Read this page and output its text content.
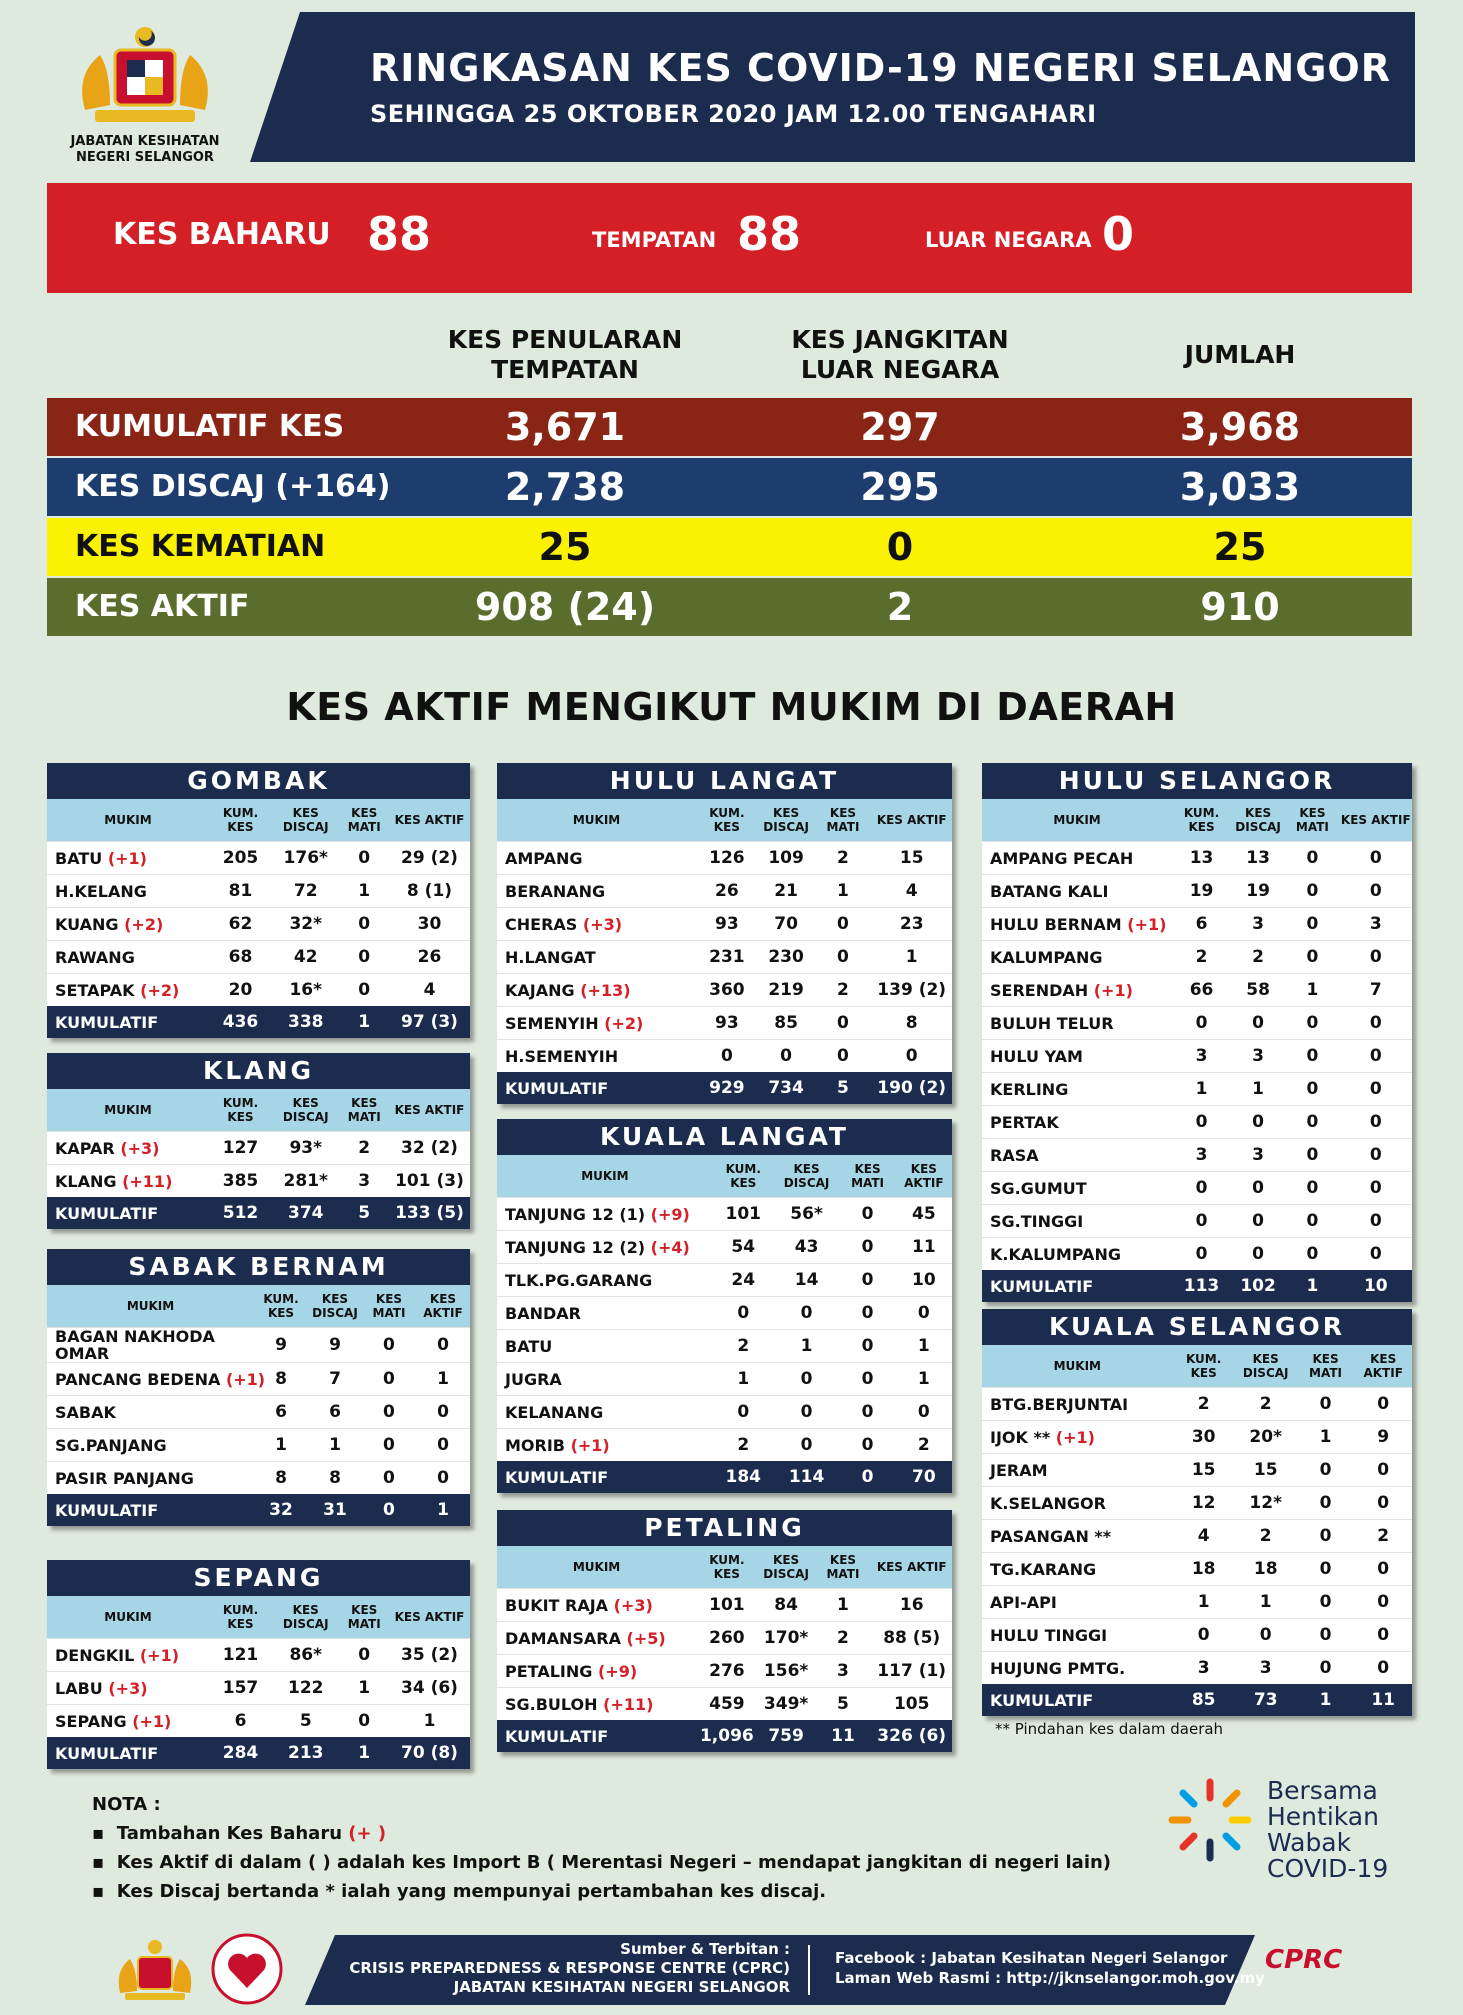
JABATAN KESIHATAN
NEGERI SELANGOR
RINGKASAN KES COVID-19 NEGERI SELANGOR
SEHINGGA 25 OKTOBER 2020 JAM 12.00 TENGAHARI
KES BAHARU 88	TEMPATAN 88	LUAR NEGARA 0
KES PENULARAN
TEMPATAN
KES JANGKITAN
LUAR NEGARA
JUMLAH
KUMULATIF KES	3,671	297	3,968
KES DISCAJ (+164)	2,738	295	3,033
KES KEMATIAN	25	0	25
KES AKTIF	908 (24)	2	910
KES AKTIF MENGIKUT MUKIM DI DAERAH
GOMBAK
MUKIM	KUM. KES	KES DISCAJ	KES MATI	KES AKTIF
BATU (+1)	205	176*	0	29 (2)
H.KELANG	81	72	1	8 (1)
KUANG (+2)	62	32*	0	30
RAWANG	68	42	0	26
SETAPAK (+2)	20	16*	0	4
KUMULATIF	436	338	1	97 (3)
KLANG
MUKIM	KUM. KES	KES DISCAJ	KES MATI	KES AKTIF
KAPAR (+3)	127	93*	2	32 (2)
KLANG (+11)	385	281*	3	101 (3)
KUMULATIF	512	374	5	133 (5)
SABAK BERNAM
MUKIM	KUM. KES	KES DISCAJ	KES MATI	KES AKTIF
BAGAN NAKHODA OMAR	9	9	0	0
PANCANG BEDENA (+1)	8	7	0	1
SABAK	6	6	0	0
SG.PANJANG	1	1	0	0
PASIR PANJANG	8	8	0	0
KUMULATIF	32	31	0	1
SEPANG
MUKIM	KUM. KES	KES DISCAJ	KES MATI	KES AKTIF
DENGKIL (+1)	121	86*	0	35 (2)
LABU (+3)	157	122	1	34 (6)
SEPANG (+1)	6	5	0	1
KUMULATIF	284	213	1	70 (8)
HULU LANGAT
MUKIM	KUM. KES	KES DISCAJ	KES MATI	KES AKTIF
AMPANG	126	109	2	15
BERANANG	26	21	1	4
CHERAS (+3)	93	70	0	23
H.LANGAT	231	230	0	1
KAJANG (+13)	360	219	2	139 (2)
SEMENYIH (+2)	93	85	0	8
H.SEMENYIH	0	0	0	0
KUMULATIF	929	734	5	190 (2)
KUALA LANGAT
MUKIM	KUM. KES	KES DISCAJ	KES MATI	KES AKTIF
TANJUNG 12 (1) (+9)	101	56*	0	45
TANJUNG 12 (2) (+4)	54	43	0	11
TLK.PG.GARANG	24	14	0	10
BANDAR	0	0	0	0
BATU	2	1	0	1
JUGRA	1	0	0	1
KELANANG	0	0	0	0
MORIB (+1)	2	0	0	2
KUMULATIF	184	114	0	70
PETALING
MUKIM	KUM. KES	KES DISCAJ	KES MATI	KES AKTIF
BUKIT RAJA (+3)	101	84	1	16
DAMANSARA (+5)	260	170*	2	88 (5)
PETALING (+9)	276	156*	3	117 (1)
SG.BULOH (+11)	459	349*	5	105
KUMULATIF	1,096	759	11	326 (6)
HULU SELANGOR
MUKIM	KUM. KES	KES DISCAJ	KES MATI	KES AKTIF
AMPANG PECAH	13	13	0	0
BATANG KALI	19	19	0	0
HULU BERNAM (+1)	6	3	0	3
KALUMPANG	2	2	0	0
SERENDAH (+1)	66	58	1	7
BULUH TELUR	0	0	0	0
HULU YAM	3	3	0	0
KERLING	1	1	0	0
PERTAK	0	0	0	0
RASA	3	3	0	0
SG.GUMUT	0	0	0	0
SG.TINGGI	0	0	0	0
K.KALUMPANG	0	0	0	0
KUMULATIF	113	102	1	10
KUALA SELANGOR
MUKIM	KUM. KES	KES DISCAJ	KES MATI	KES AKTIF
BTG.BERJUNTAI	2	2	0	0
IJOK ** (+1)	30	20*	1	9
JERAM	15	15	0	0
K.SELANGOR	12	12*	0	0
PASANGAN **	4	2	0	2
TG.KARANG	18	18	0	0
API-API	1	1	0	0
HULU TINGGI	0	0	0	0
HUJUNG PMTG.	3	3	0	0
KUMULATIF	85	73	1	11
** Pindahan kes dalam daerah
NOTA :
▪  Tambahan Kes Baharu (+ )
▪  Kes Aktif di dalam ( ) adalah kes Import B ( Merentasi Negeri – mendapat jangkitan di negeri lain)
▪  Kes Discaj bertanda * ialah yang mempunyai pertambahan kes discaj.
Bersama
Hentikan
Wabak
COVID-19
Sumber & Terbitan :
CRISIS PREPAREDNESS & RESPONSE CENTRE (CPRC)
JABATAN KESIHATAN NEGERI SELANGOR
Facebook : Jabatan Kesihatan Negeri Selangor
Laman Web Rasmi : http://jknselangor.moh.gov.my
CPRC
